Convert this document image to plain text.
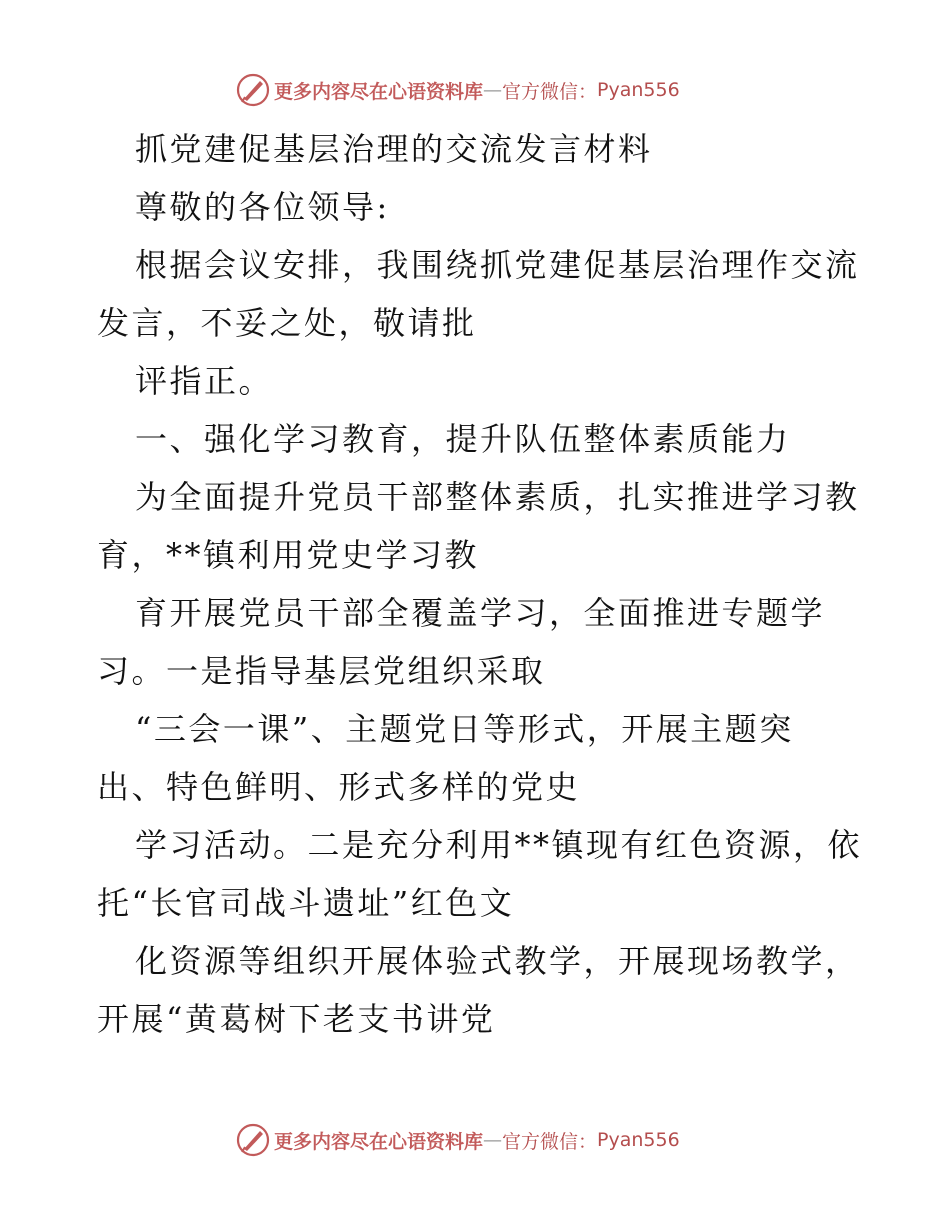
更多内容尽在心语资料库 — 官方微信： Pyan556
抓党建促基层治理的交流发言材料
尊敬的各位领导:
根据会议安排，我围绕抓党建促基层治理作交流
发言，不妥之处，敬请批
评指正。
一、强化学习教育，提升队伍整体素质能力
为全面提升党员干部整体素质，扎实推进学习教
育，**镇利用党史学习教
育开展党员干部全覆盖学习，全面推进专题学
习。一是指导基层党组织采取
“三会一课”、主题党日等形式，开展主题突
出、特色鲜明、形式多样的党史
学习活动。二是充分利用**镇现有红色资源，依
托“长官司战斗遗址”红色文
化资源等组织开展体验式教学，开展现场教学，
开展“黄葛树下老支书讲党
更多内容尽在心语资料库 — 官方微信： Pyan556
